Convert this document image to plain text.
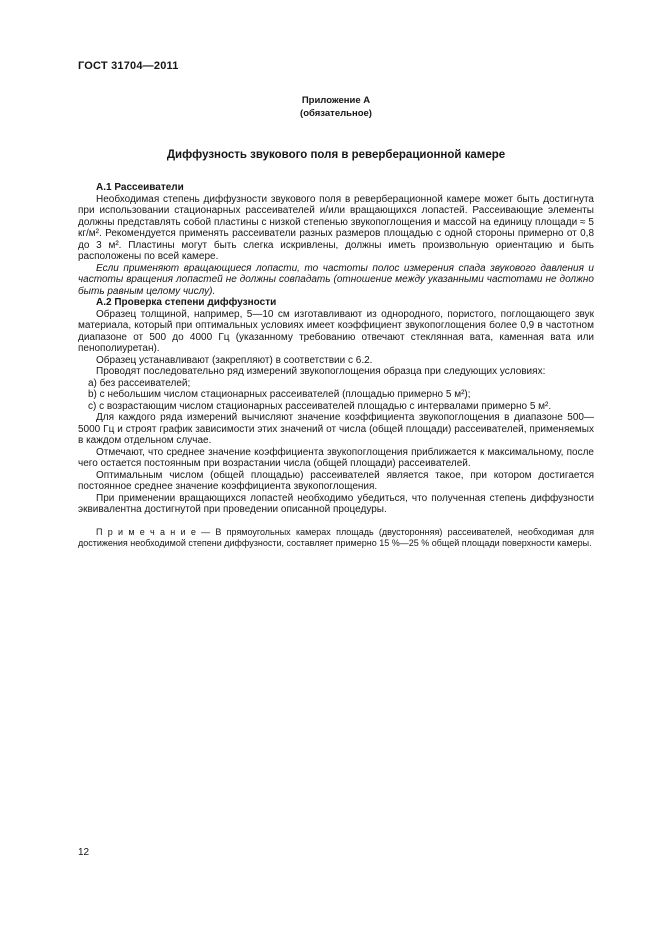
ГОСТ 31704—2011
Приложение А
(обязательное)
Диффузность звукового поля в реверберационной камере

А.1 Рассеиватели

Необходимая степень диффузности звукового поля в реверберационной камере может быть достигнута при использовании стационарных рассеивателей и/или вращающихся лопастей. Рассеивающие элементы должны представлять собой пластины с низкой степенью звукопоглощения и массой на единицу площади ≈ 5 кг/м². Рекомендуется применять рассеиватели разных размеров площадью с одной стороны примерно от 0,8 до 3 м². Пластины могут быть слегка искривлены, должны иметь произвольную ориентацию и быть расположены по всей камере.

Если применяют вращающиеся лопасти, то частоты полос измерения спада звукового давления и частоты вращения лопастей не должны совпадать (отношение между указанными частотами не должно быть равным целому числу).

А.2 Проверка степени диффузности

Образец толщиной, например, 5—10 см изготавливают из однородного, пористого, поглощающего звук материала, который при оптимальных условиях имеет коэффициент звукопоглощения более 0,9 в частотном диапазоне от 500 до 4000 Гц (указанному требованию отвечают стеклянная вата, каменная вата или пенополиуретан).

Образец устанавливают (закрепляют) в соответствии с 6.2.

Проводят последовательно ряд измерений звукопоглощения образца при следующих условиях:

a) без рассеивателей;

b) с небольшим числом стационарных рассеивателей (площадью примерно 5 м²);

c) с возрастающим числом стационарных рассеивателей площадью с интервалами примерно 5 м².

Для каждого ряда измерений вычисляют значение коэффициента звукопоглощения в диапазоне 500—5000 Гц и строят график зависимости этих значений от числа (общей площади) рассеивателей, применяемых в каждом отдельном случае.

Отмечают, что среднее значение коэффициента звукопоглощения приближается к максимальному, после чего остается постоянным при возрастании числа (общей площади) рассеивателей.

Оптимальным числом (общей площадью) рассеивателей является такое, при котором достигается постоянное среднее значение коэффициента звукопоглощения.

При применении вращающихся лопастей необходимо убедиться, что полученная степень диффузности эквивалентна достигнутой при проведении описанной процедуры.

П р и м е ч а н и е — В прямоугольных камерах площадь (двусторонняя) рассеивателей, необходимая для достижения необходимой степени диффузности, составляет примерно 15 %—25 % общей площади поверхности камеры.

12
